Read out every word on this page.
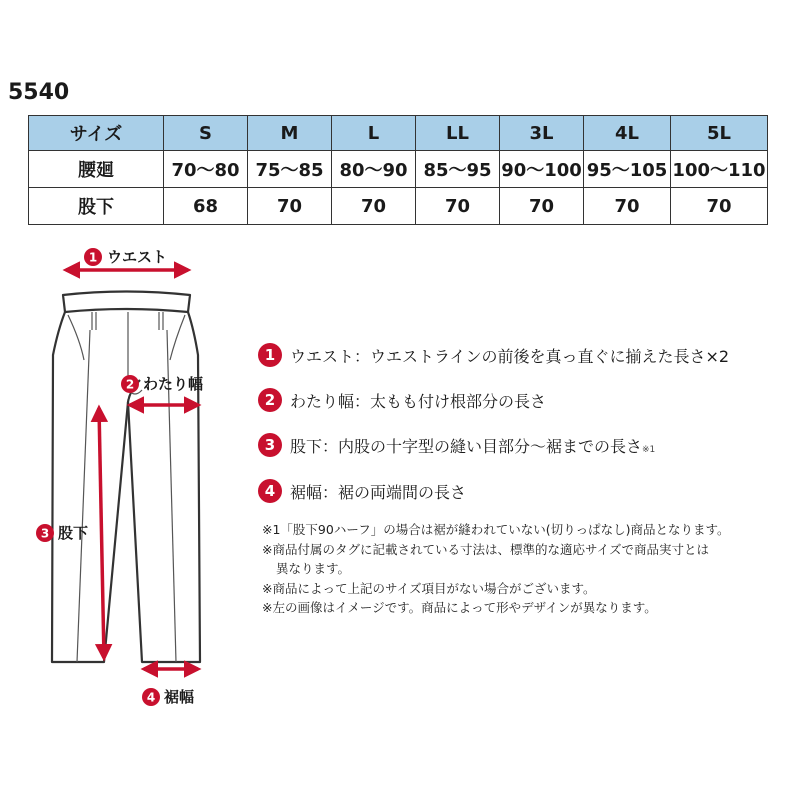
5540
サイズ	S	M	L	LL	3L	4L	5L
腰廻	70〜80	75〜85	80〜90	85〜95	90〜100	95〜105	100〜110
股下	68	70	70	70	70	70	70
1 ウエスト
2 わたり幅
3 股下
4 裾幅
1 ウエスト：ウエストラインの前後を真っ直ぐに揃えた長さ×2
2 わたり幅：太もも付け根部分の長さ
3 股下：内股の十字型の縫い目部分〜裾までの長さ※1
4 裾幅：裾の両端間の長さ
※1「股下90ハーフ」の場合は裾が縫われていない(切りっぱなし)商品となります。
※商品付属のタグに記載されている寸法は、標準的な適応サイズで商品実寸とは
異なります。
※商品によって上記のサイズ項目がない場合がございます。
※左の画像はイメージです。商品によって形やデザインが異なります。
